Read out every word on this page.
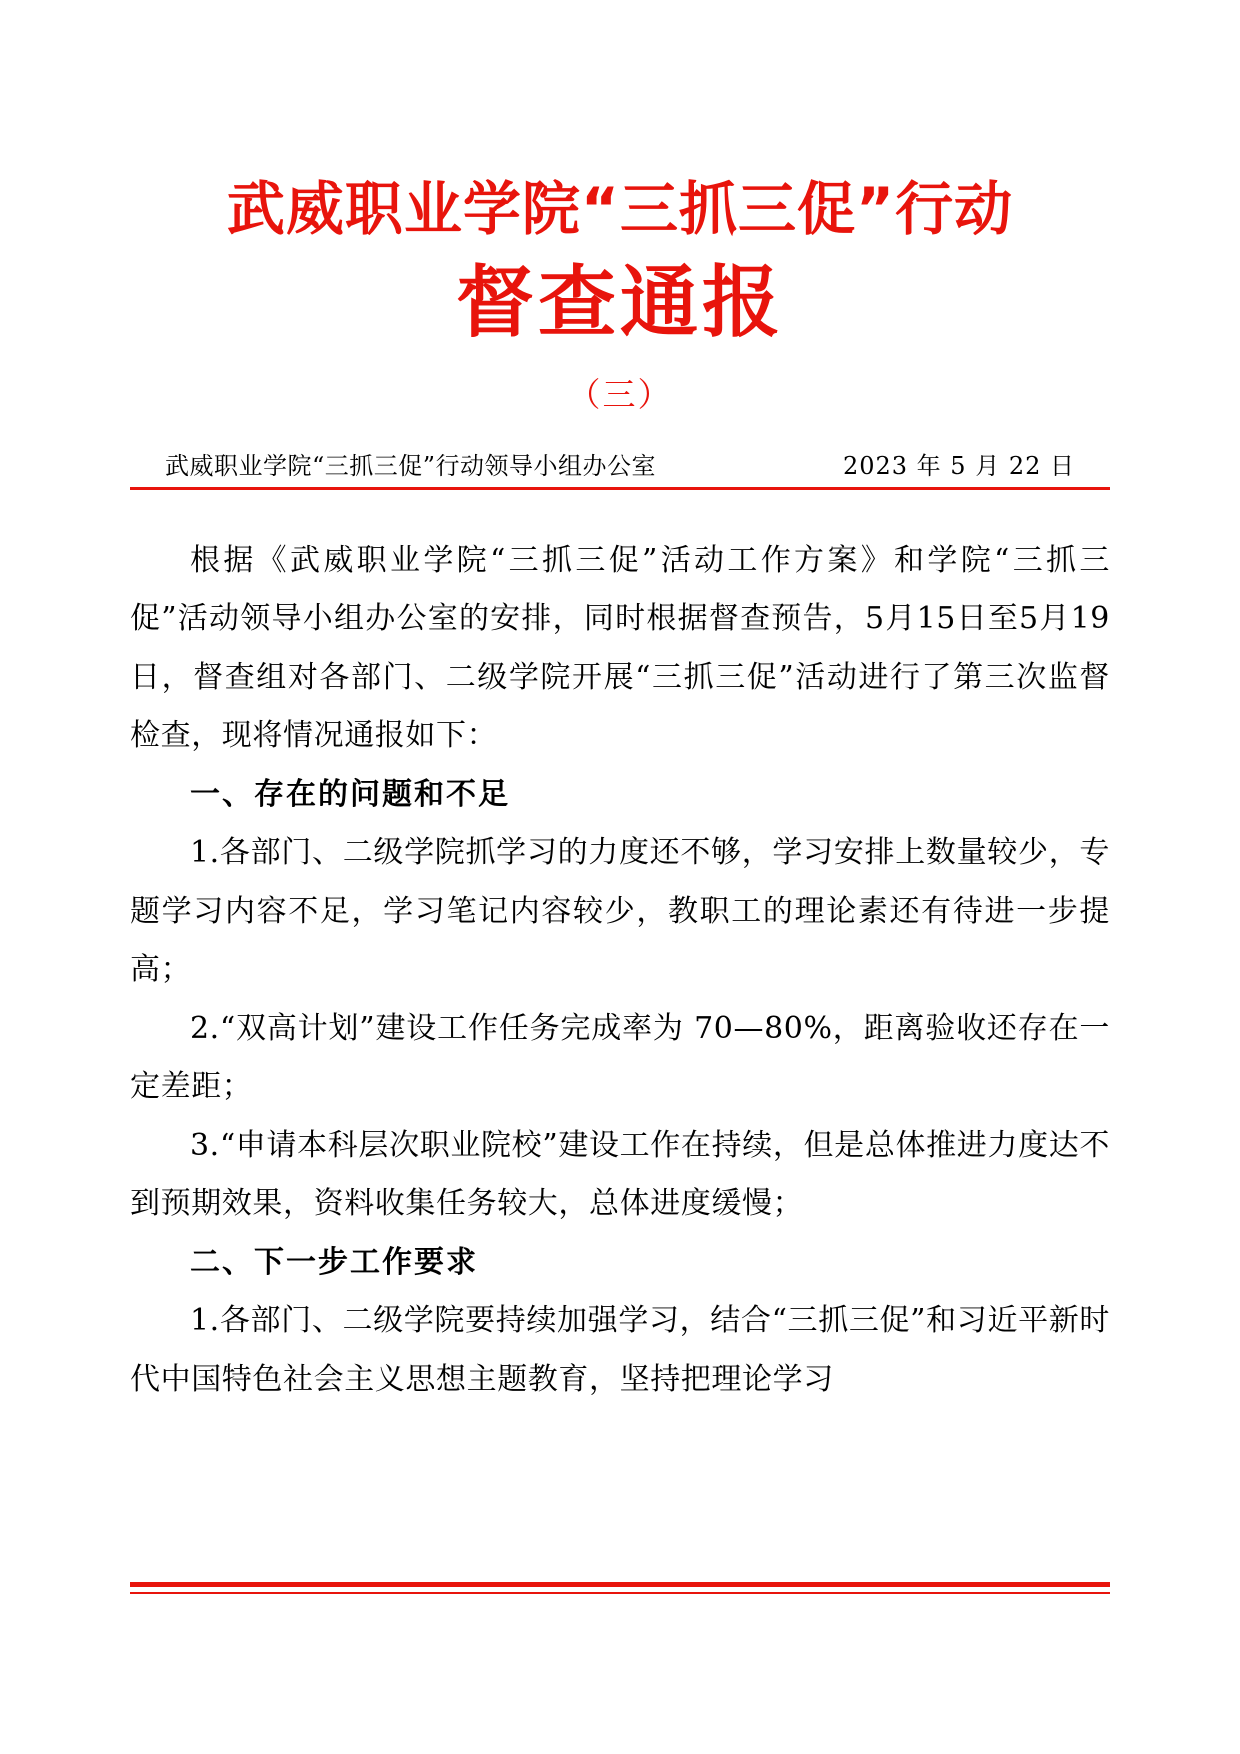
武威职业学院“三抓三促”行动
督查通报
（三）
武威职业学院“三抓三促”行动领导小组办公室	2023 年 5 月 22 日

根据《武威职业学院“三抓三促”活动工作方案》和学院“三抓三促”活动领导小组办公室的安排，同时根据督查预告，5月15日至5月19日，督查组对各部门、二级学院开展“三抓三促”活动进行了第三次监督检查，现将情况通报如下：

一、存在的问题和不足

1.各部门、二级学院抓学习的力度还不够，学习安排上数量较少，专题学习内容不足，学习笔记内容较少，教职工的理论素还有待进一步提高；

2.“双高计划”建设工作任务完成率为 70—80%，距离验收还存在一定差距；

3.“申请本科层次职业院校”建设工作在持续，但是总体推进力度达不到预期效果，资料收集任务较大，总体进度缓慢；

二、下一步工作要求

1.各部门、二级学院要持续加强学习，结合“三抓三促”和习近平新时代中国特色社会主义思想主题教育，坚持把理论学习
